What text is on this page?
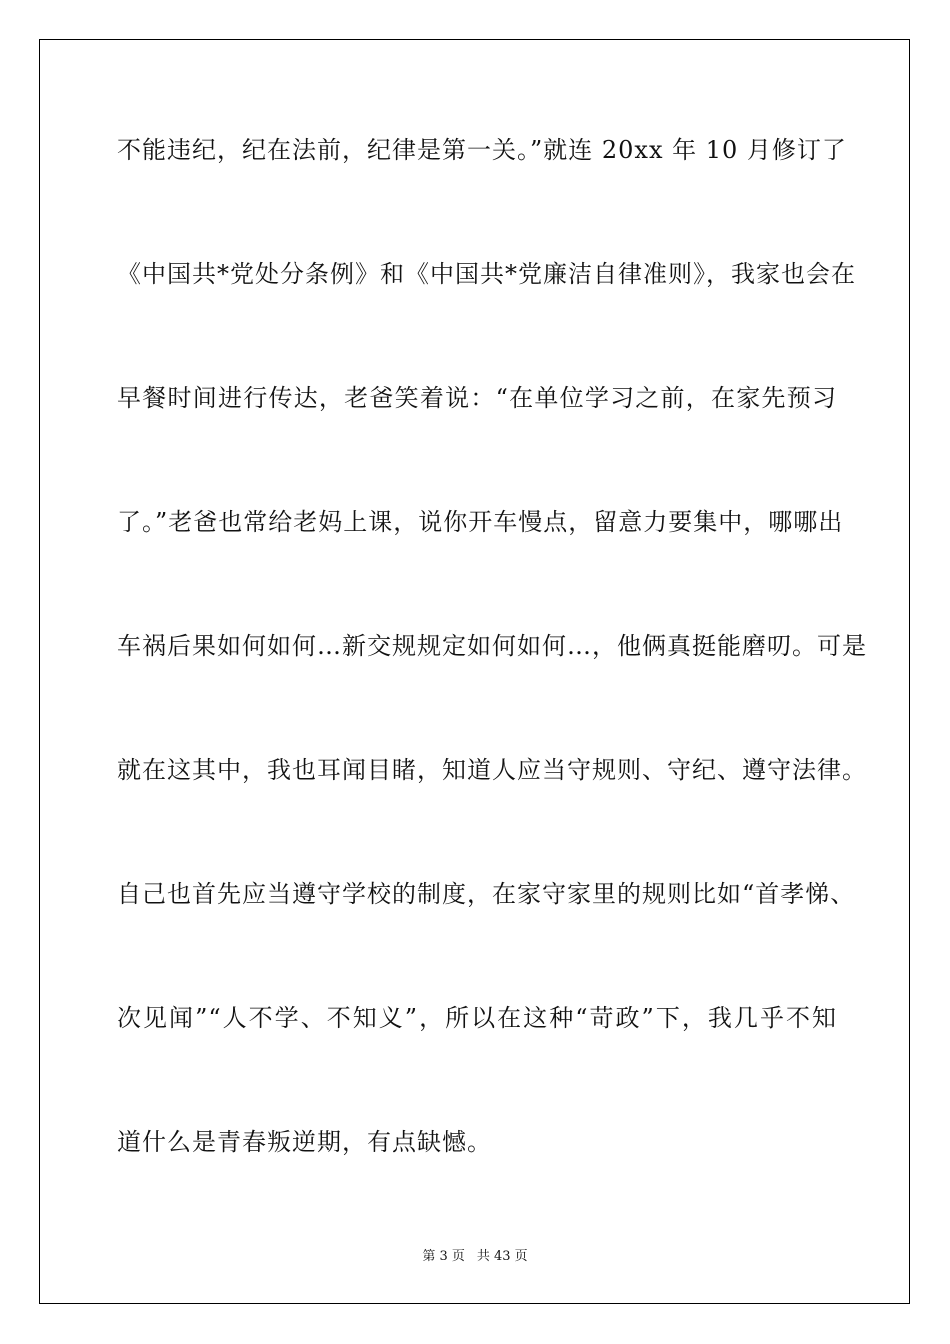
不能违纪，纪在法前，纪律是第一关。”就连 20xx 年 10 月修订了
《中国共*党处分条例》和《中国共*党廉洁自律准则》，我家也会在
早餐时间进行传达，老爸笑着说：“在单位学习之前，在家先预习
了。”老爸也常给老妈上课，说你开车慢点，留意力要集中，哪哪出
车祸后果如何如何…新交规规定如何如何…，他俩真挺能磨叨。可是
就在这其中，我也耳闻目睹，知道人应当守规则、守纪、遵守法律。
自己也首先应当遵守学校的制度，在家守家里的规则比如“首孝悌、
次见闻”“人不学、不知义”，所以在这种“苛政”下，我几乎不知
道什么是青春叛逆期，有点缺憾。
第 3 页 共 43 页
